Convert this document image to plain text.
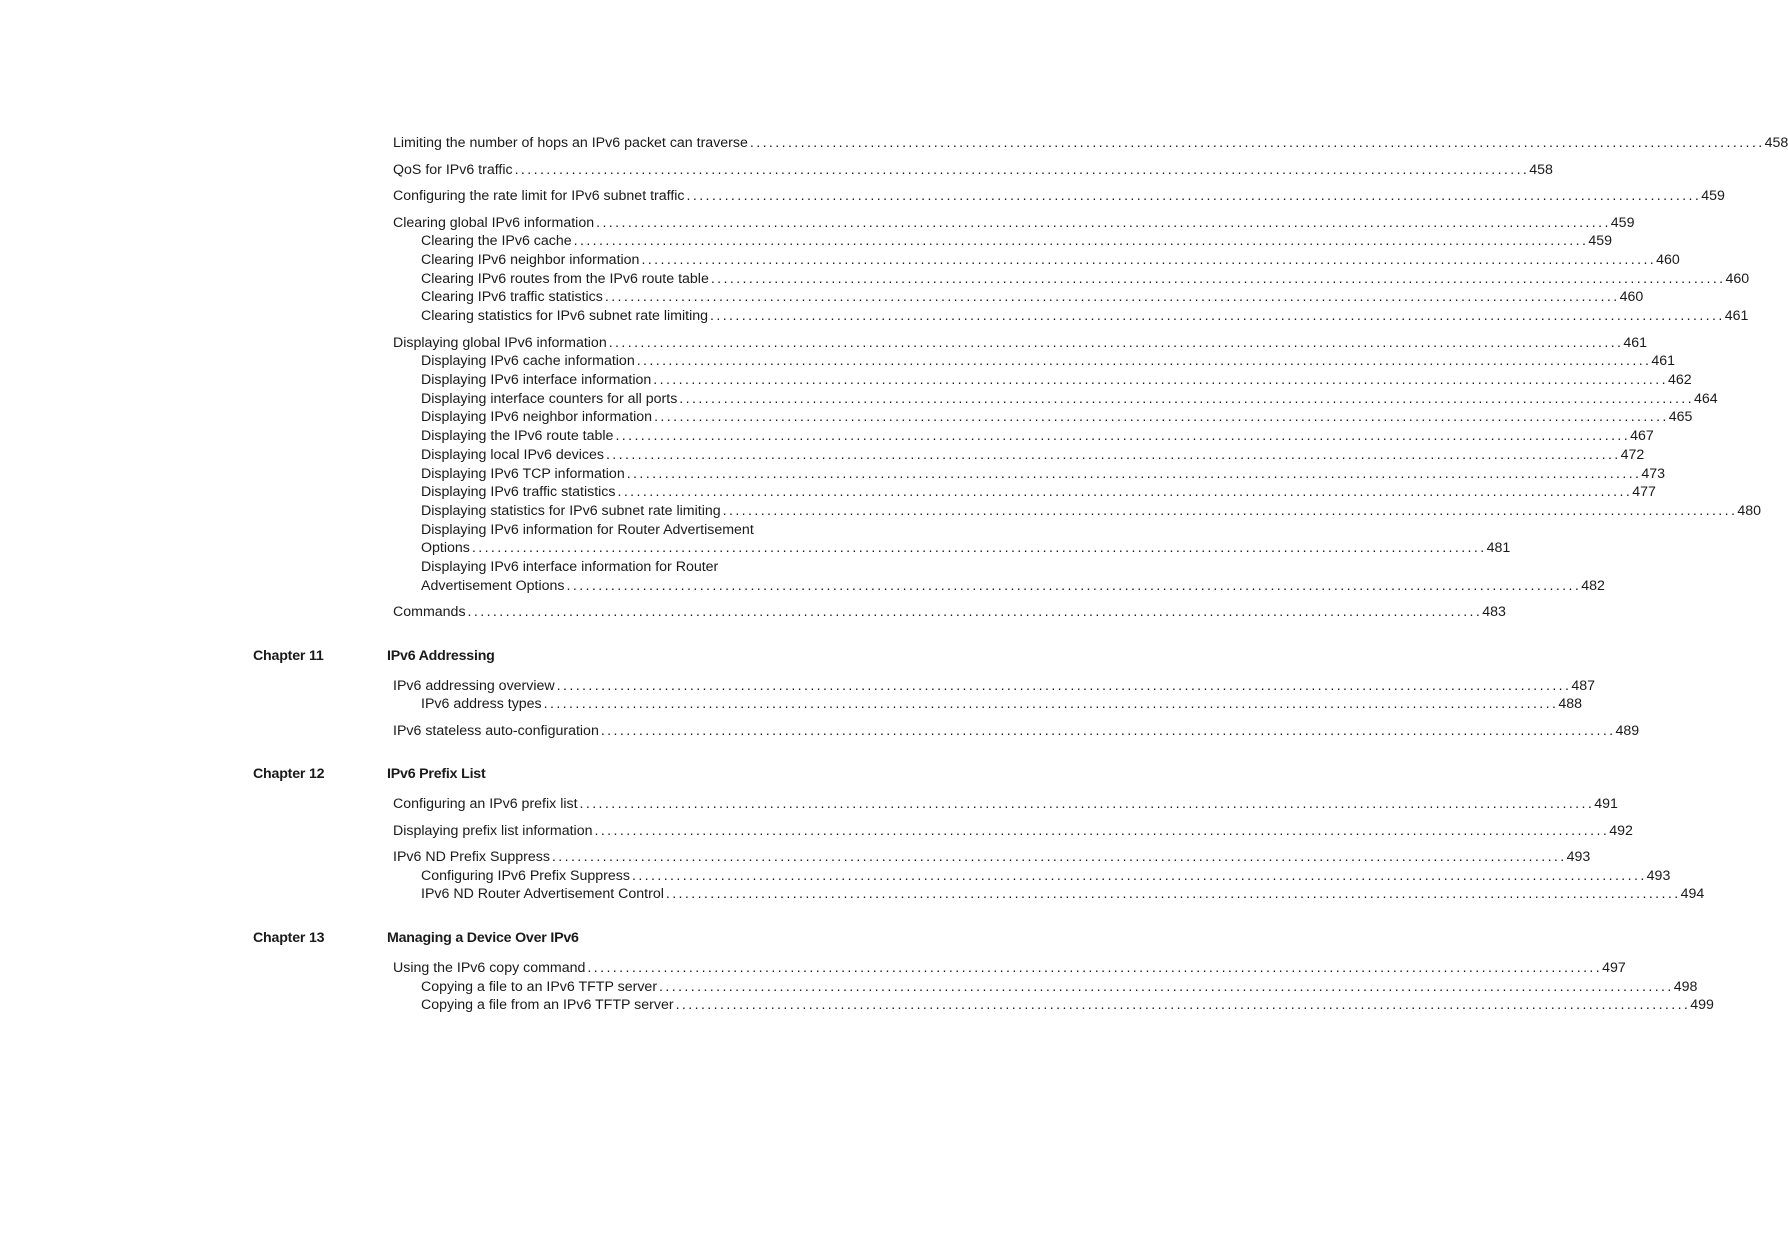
Limiting the number of hops an IPv6 packet can traverse ................................................................................................................................................................ 458
QoS for IPv6 traffic ................................................................................................................................................................ 458
Configuring the rate limit for IPv6 subnet traffic ................................................................................................................................................................ 459
Clearing global IPv6 information ................................................................................................................................................................ 459
Clearing the IPv6 cache ................................................................................................................................................................ 459
Clearing IPv6 neighbor information ................................................................................................................................................................ 460
Clearing IPv6 routes from the IPv6 route table ................................................................................................................................................................ 460
Clearing IPv6 traffic statistics ................................................................................................................................................................ 460
Clearing statistics for IPv6 subnet rate limiting ................................................................................................................................................................ 461
Displaying global IPv6 information ................................................................................................................................................................ 461
Displaying IPv6 cache information ................................................................................................................................................................ 461
Displaying IPv6 interface information ................................................................................................................................................................ 462
Displaying interface counters for all ports ................................................................................................................................................................ 464
Displaying IPv6 neighbor information ................................................................................................................................................................ 465
Displaying the IPv6 route table ................................................................................................................................................................ 467
Displaying local IPv6 devices ................................................................................................................................................................ 472
Displaying IPv6 TCP information ................................................................................................................................................................ 473
Displaying IPv6 traffic statistics ................................................................................................................................................................ 477
Displaying statistics for IPv6 subnet rate limiting ................................................................................................................................................................ 480
Displaying IPv6 information for Router Advertisement
Options ................................................................................................................................................................ 481
Displaying IPv6 interface information for Router
Advertisement Options ................................................................................................................................................................ 482
Commands ................................................................................................................................................................ 483
Chapter 11	IPv6 Addressing
IPv6 addressing overview ................................................................................................................................................................ 487
IPv6 address types ................................................................................................................................................................ 488
IPv6 stateless auto-configuration ................................................................................................................................................................ 489
Chapter 12	IPv6 Prefix List
Configuring an IPv6 prefix list ................................................................................................................................................................ 491
Displaying prefix list information ................................................................................................................................................................ 492
IPv6 ND Prefix Suppress ................................................................................................................................................................ 493
Configuring IPv6 Prefix Suppress ................................................................................................................................................................ 493
IPv6 ND Router Advertisement Control ................................................................................................................................................................ 494
Chapter 13	Managing a Device Over IPv6
Using the IPv6 copy command ................................................................................................................................................................ 497
Copying a file to an IPv6 TFTP server ................................................................................................................................................................ 498
Copying a file from an IPv6 TFTP server ................................................................................................................................................................ 499
